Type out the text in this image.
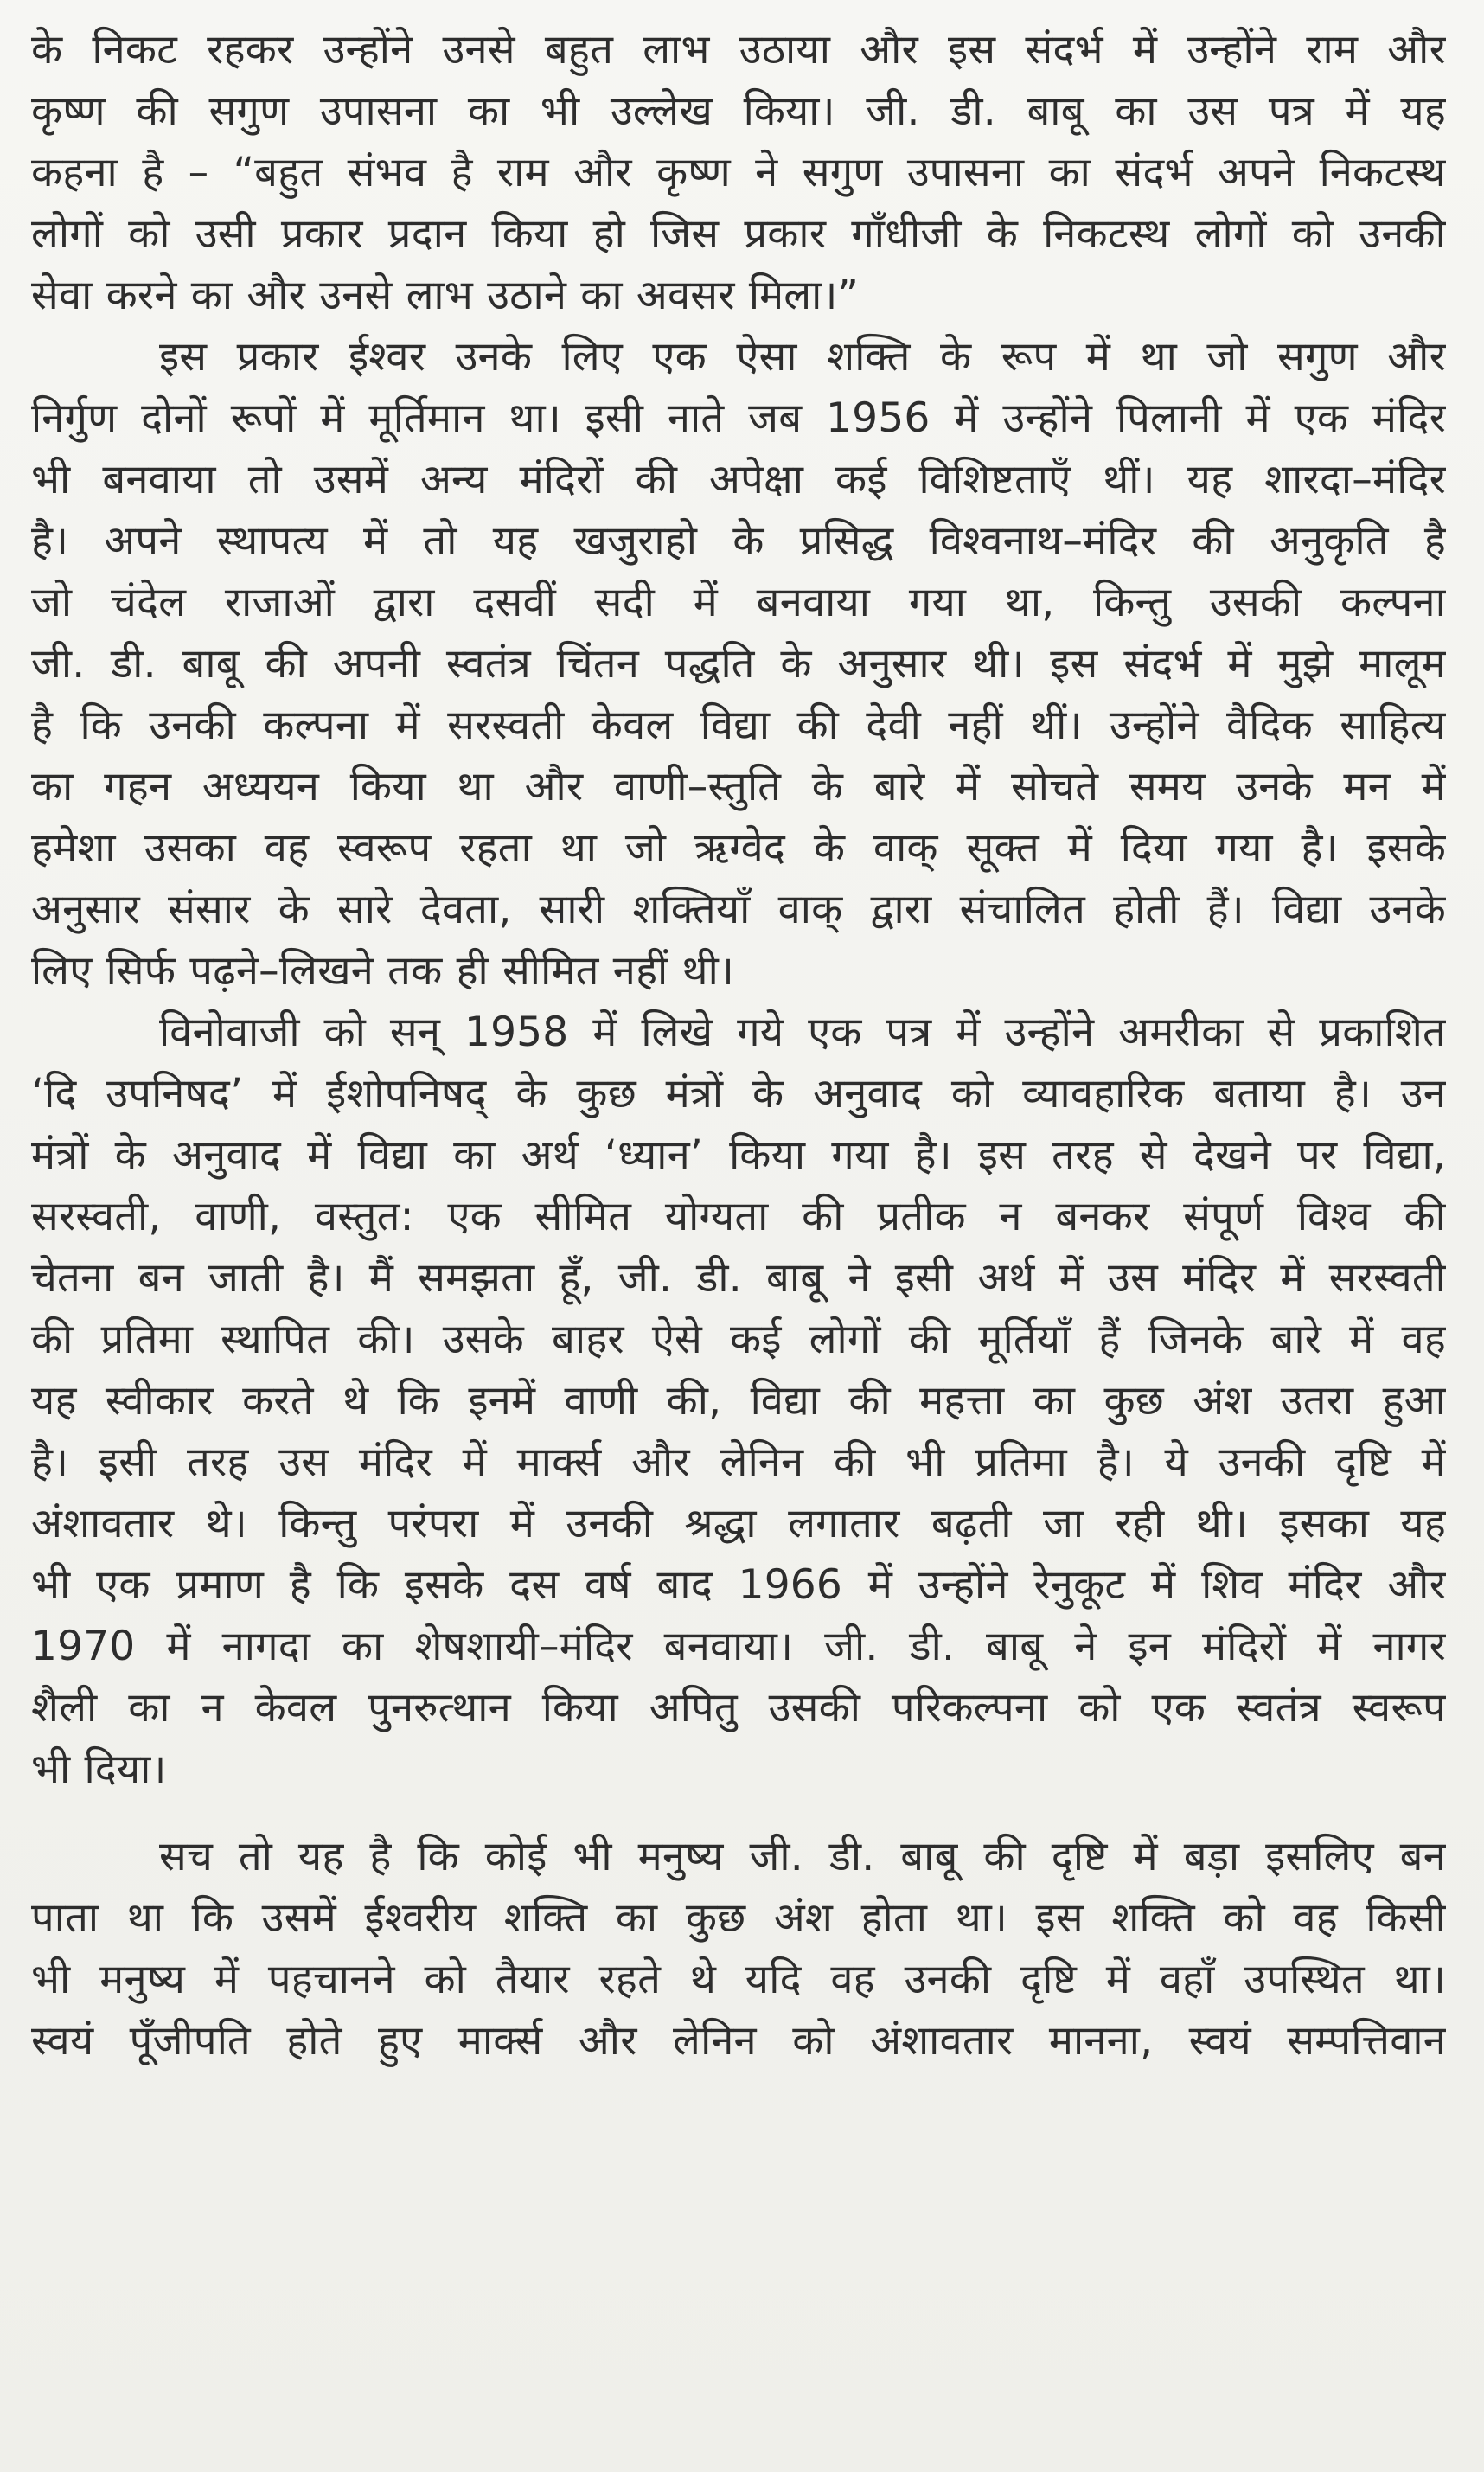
के निकट रहकर उन्होंने उनसे बहुत लाभ उठाया और इस संदर्भ में उन्होंने राम और
कृष्ण की सगुण उपासना का भी उल्लेख किया। जी. डी. बाबू का उस पत्र में यह
कहना है – “बहुत संभव है राम और कृष्ण ने सगुण उपासना का संदर्भ अपने निकटस्थ
लोगों को उसी प्रकार प्रदान किया हो जिस प्रकार गाँधीजी के निकटस्थ लोगों को उनकी
सेवा करने का और उनसे लाभ उठाने का अवसर मिला।”
इस प्रकार ईश्वर उनके लिए एक ऐसा शक्ति के रूप में था जो सगुण और
निर्गुण दोनों रूपों में मूर्तिमान था। इसी नाते जब 1956 में उन्होंने पिलानी में एक मंदिर
भी बनवाया तो उसमें अन्य मंदिरों की अपेक्षा कई विशिष्टताएँ थीं। यह शारदा–मंदिर
है। अपने स्थापत्य में तो यह खजुराहो के प्रसिद्ध विश्वनाथ–मंदिर की अनुकृति है
जो चंदेल राजाओं द्वारा दसवीं सदी में बनवाया गया था, किन्तु उसकी कल्पना
जी. डी. बाबू की अपनी स्वतंत्र चिंतन पद्धति के अनुसार थी। इस संदर्भ में मुझे मालूम
है कि उनकी कल्पना में सरस्वती केवल विद्या की देवी नहीं थीं। उन्होंने वैदिक साहित्य
का गहन अध्ययन किया था और वाणी–स्तुति के बारे में सोचते समय उनके मन में
हमेशा उसका वह स्वरूप रहता था जो ऋग्वेद के वाक् सूक्त में दिया गया है। इसके
अनुसार संसार के सारे देवता, सारी शक्तियाँ वाक् द्वारा संचालित होती हैं। विद्या उनके
लिए सिर्फ पढ़ने–लिखने तक ही सीमित नहीं थी।
विनोवाजी को सन् 1958 में लिखे गये एक पत्र में उन्होंने अमरीका से प्रकाशित
‘दि उपनिषद’ में ईशोपनिषद् के कुछ मंत्रों के अनुवाद को व्यावहारिक बताया है। उन
मंत्रों के अनुवाद में विद्या का अर्थ ‘ध्यान’ किया गया है। इस तरह से देखने पर विद्या,
सरस्वती, वाणी, वस्तुत: एक सीमित योग्यता की प्रतीक न बनकर संपूर्ण विश्व की
चेतना बन जाती है। मैं समझता हूँ, जी. डी. बाबू ने इसी अर्थ में उस मंदिर में सरस्वती
की प्रतिमा स्थापित की। उसके बाहर ऐसे कई लोगों की मूर्तियाँ हैं जिनके बारे में वह
यह स्वीकार करते थे कि इनमें वाणी की, विद्या की महत्ता का कुछ अंश उतरा हुआ
है। इसी तरह उस मंदिर में मार्क्स और लेनिन की भी प्रतिमा है। ये उनकी दृष्टि में
अंशावतार थे। किन्तु परंपरा में उनकी श्रद्धा लगातार बढ़ती जा रही थी। इसका यह
भी एक प्रमाण है कि इसके दस वर्ष बाद 1966 में उन्होंने रेनुकूट में शिव मंदिर और
1970 में नागदा का शेषशायी–मंदिर बनवाया। जी. डी. बाबू ने इन मंदिरों में नागर
शैली का न केवल पुनरुत्थान किया अपितु उसकी परिकल्पना को एक स्वतंत्र स्वरूप
भी दिया।
सच तो यह है कि कोई भी मनुष्य जी. डी. बाबू की दृष्टि में बड़ा इसलिए बन
पाता था कि उसमें ईश्वरीय शक्ति का कुछ अंश होता था। इस शक्ति को वह किसी
भी मनुष्य में पहचानने को तैयार रहते थे यदि वह उनकी दृष्टि में वहाँ उपस्थित था।
स्वयं पूँजीपति होते हुए मार्क्स और लेनिन को अंशावतार मानना, स्वयं सम्पत्तिवान
